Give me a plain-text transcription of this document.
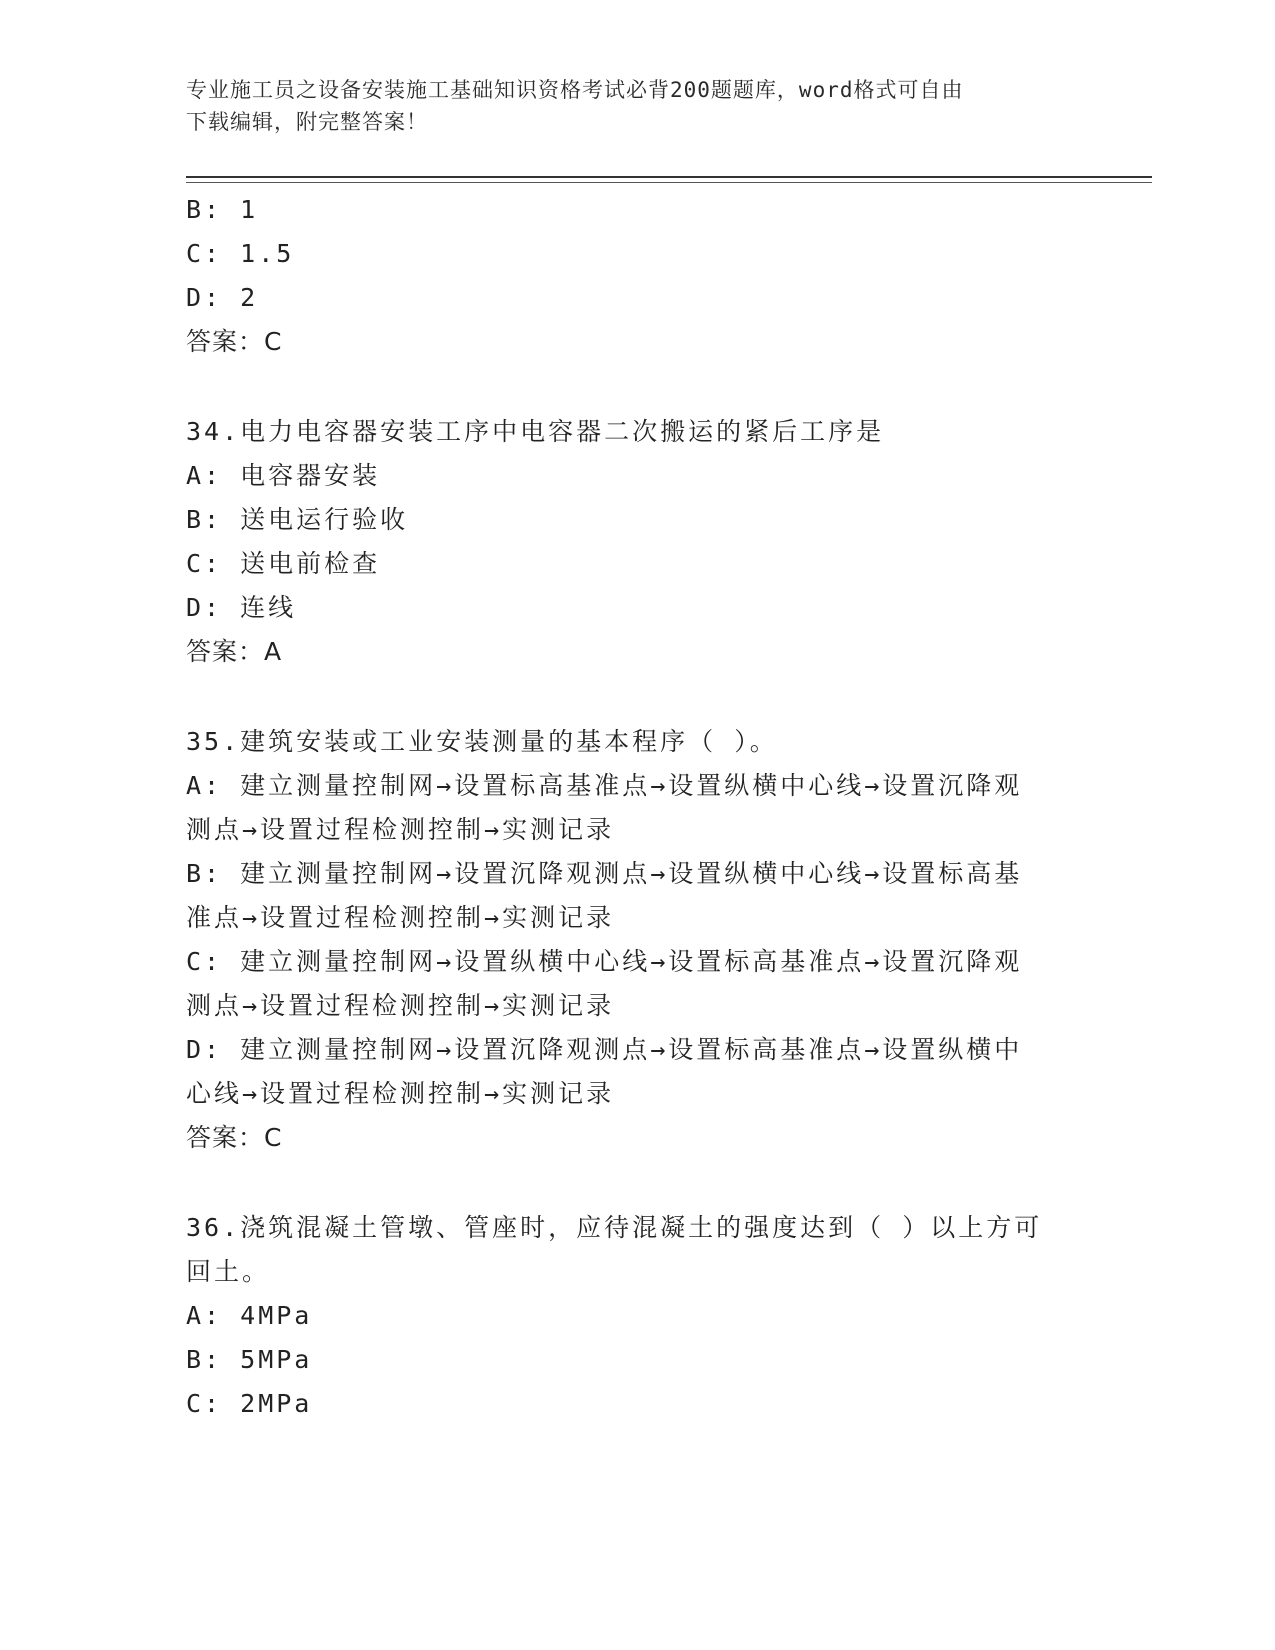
专业施工员之设备安装施工基础知识资格考试必背200题题库，word格式可自由
下载编辑，附完整答案！
B: 1
C: 1.5
D: 2
答案：C
34.电力电容器安装工序中电容器二次搬运的紧后工序是
A: 电容器安装
B: 送电运行验收
C: 送电前检查
D: 连线
答案：A
35.建筑安装或工业安装测量的基本程序（ ）。
A: 建立测量控制网→设置标高基准点→设置纵横中心线→设置沉降观
测点→设置过程检测控制→实测记录
B: 建立测量控制网→设置沉降观测点→设置纵横中心线→设置标高基
准点→设置过程检测控制→实测记录
C: 建立测量控制网→设置纵横中心线→设置标高基准点→设置沉降观
测点→设置过程检测控制→实测记录
D: 建立测量控制网→设置沉降观测点→设置标高基准点→设置纵横中
心线→设置过程检测控制→实测记录
答案：C
36.浇筑混凝土管墩、管座时，应待混凝土的强度达到（ ）以上方可
回土。
A: 4MPa
B: 5MPa
C: 2MPa
